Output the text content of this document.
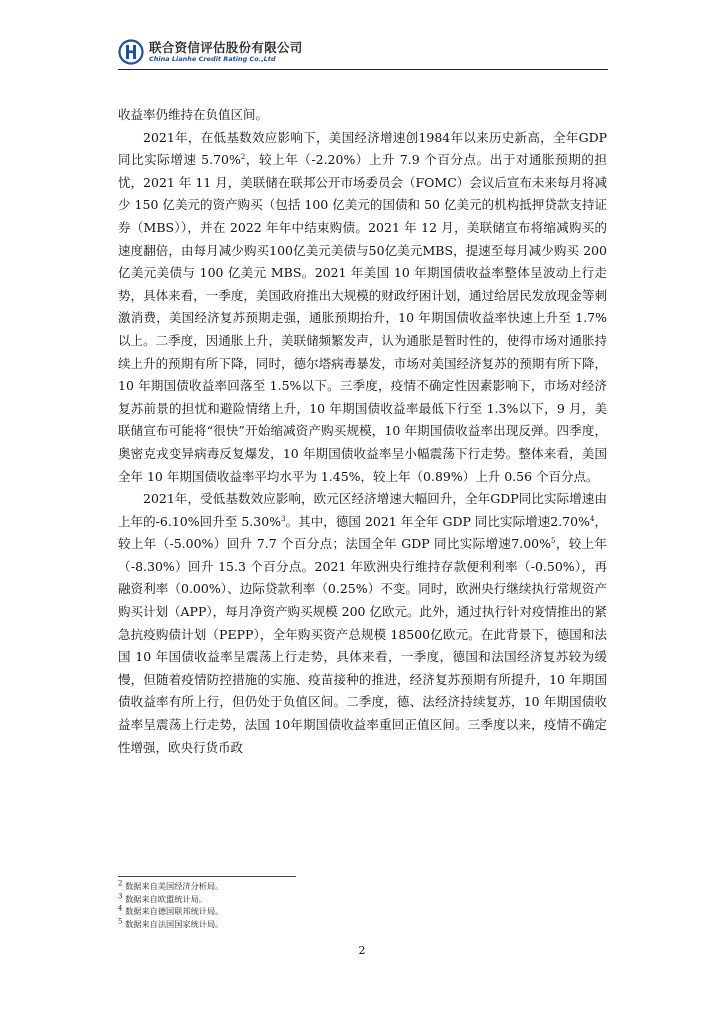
联合资信评估股份有限公司
China Lianhe Credit Rating Co.,Ltd

收益率仍维持在负值区间。

2021年，在低基数效应影响下，美国经济增速创1984年以来历史新高，全年GDP 同比实际增速 5.70%$^2$，较上年（-2.20%）上升 7.9 个百分点。出于对通胀预期的担忧，2021 年 11 月，美联储在联邦公开市场委员会（FOMC）会议后宣布未来每月将减少 150 亿美元的资产购买（包括 100 亿美元的国债和 50 亿美元的机构抵押贷款支持证券（MBS）），并在 2022 年年中结束购债。2021 年 12 月，美联储宣布将缩减购买的速度翻倍，由每月减少购买100亿美元美债与50亿美元MBS，提速至每月减少购买 200 亿美元美债与 100 亿美元 MBS。2021 年美国 10 年期国债收益率整体呈波动上行走势，具体来看，一季度，美国政府推出大规模的财政纾困计划，通过给居民发放现金等刺激消费，美国经济复苏预期走强，通胀预期抬升，10 年期国债收益率快速上升至 1.7%以上。二季度，因通胀上升，美联储频繁发声，认为通胀是暂时性的，使得市场对通胀持续上升的预期有所下降，同时，德尔塔病毒暴发，市场对美国经济复苏的预期有所下降，10 年期国债收益率回落至 1.5%以下。三季度，疫情不确定性因素影响下，市场对经济复苏前景的担忧和避险情绪上升，10 年期国债收益率最低下行至 1.3%以下，9 月，美联储宣布可能将“很快”开始缩减资产购买规模，10 年期国债收益率出现反弹。四季度，奥密克戎变异病毒反复爆发，10 年期国债收益率呈小幅震荡下行走势。整体来看，美国全年 10 年期国债收益率平均水平为 1.45%，较上年（0.89%）上升 0.56 个百分点。

2021年，受低基数效应影响，欧元区经济增速大幅回升，全年GDP同比实际增速由上年的-6.10%回升至 5.30%$^3$。其中，德国 2021 年全年 GDP 同比实际增速2.70%$^4$，较上年（-5.00%）回升 7.7 个百分点；法国全年 GDP 同比实际增速7.00%$^5$，较上年（-8.30%）回升 15.3 个百分点。2021 年欧洲央行维持存款便利利率（-0.50%），再融资利率（0.00%）、边际贷款利率（0.25%）不变。同时，欧洲央行继续执行常规资产购买计划（APP），每月净资产购买规模 200 亿欧元。此外，通过执行针对疫情推出的紧急抗疫购债计划（PEPP），全年购买资产总规模 18500亿欧元。在此背景下，德国和法国 10 年国债收益率呈震荡上行走势，具体来看，一季度，德国和法国经济复苏较为缓慢，但随着疫情防控措施的实施、疫苗接种的推进，经济复苏预期有所提升，10 年期国债收益率有所上行，但仍处于负值区间。二季度，德、法经济持续复苏，10 年期国债收益率呈震荡上行走势，法国 10年期国债收益率重回正值区间。三季度以来，疫情不确定性增强，欧央行货币政

$^2$ 数据来自美国经济分析局。
$^3$ 数据来自欧盟统计局。
$^4$ 数据来自德国联邦统计局。
$^5$ 数据来自法国国家统计局。
2
